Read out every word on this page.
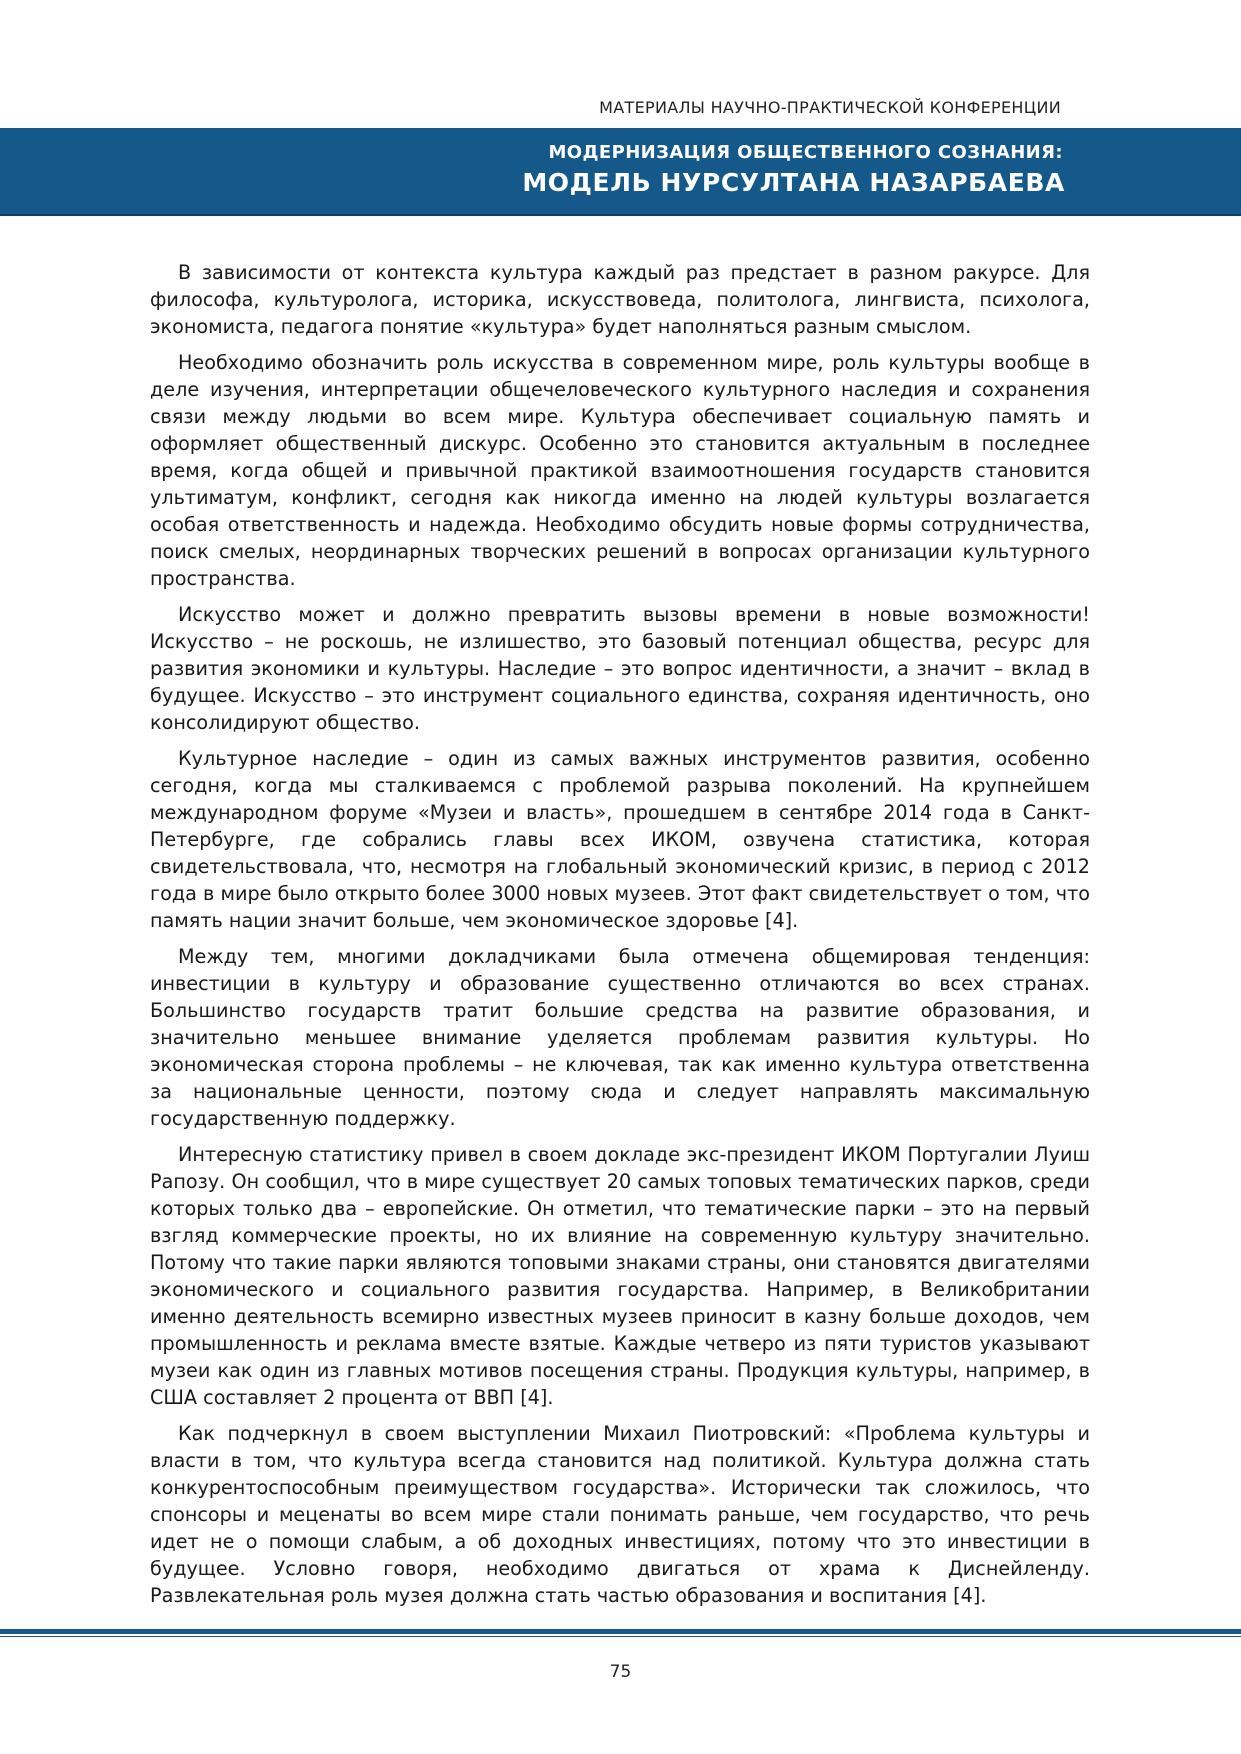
МАТЕРИАЛЫ НАУЧНО-ПРАКТИЧЕСКОЙ КОНФЕРЕНЦИИ
МОДЕРНИЗАЦИЯ ОБЩЕСТВЕННОГО СОЗНАНИЯ:
МОДЕЛЬ НУРСУЛТАНА НАЗАРБАЕВА

В зависимости от контекста культура каждый раз предстает в разном ракурсе. Для философа, культуролога, историка, искусствоведа, политолога, лингвиста, психолога, экономиста, педагога понятие «культура» будет наполняться разным смыслом.

Необходимо обозначить роль искусства в современном мире, роль культуры вообще в деле изучения, интерпретации общечеловеческого культурного наследия и сохранения связи между людьми во всем мире. Культура обеспечивает социальную память и оформляет общественный дискурс. Особенно это становится актуальным в последнее время, когда общей и привычной практикой взаимоотношения государств становится ультиматум, конфликт, сегодня как никогда именно на людей культуры возлагается особая ответственность и надежда. Необходимо обсудить новые формы сотрудничества, поиск смелых, неординарных творческих решений в вопросах организации культурного пространства.

Искусство может и должно превратить вызовы времени в новые возможности! Искусство – не роскошь, не излишество, это базовый потенциал общества, ресурс для развития экономики и культуры. Наследие – это вопрос идентичности, а значит – вклад в будущее. Искусство – это инструмент социального единства, сохраняя идентичность, оно консолидируют общество.

Культурное наследие – один из самых важных инструментов развития, особенно сегодня, когда мы сталкиваемся с проблемой разрыва поколений. На крупнейшем международном форуме «Музеи и власть», прошедшем в сентябре 2014 года в Санкт-Петербурге, где собрались главы всех ИКОМ, озвучена статистика, которая свидетельствовала, что, несмотря на глобальный экономический кризис, в период с 2012 года в мире было открыто более 3000 новых музеев. Этот факт свидетельствует о том, что память нации значит больше, чем экономическое здоровье [4].

Между тем, многими докладчиками была отмечена общемировая тенденция: инвестиции в культуру и образование существенно отличаются во всех странах. Большинство государств тратит большие средства на развитие образования, и значительно меньшее внимание уделяется проблемам развития культуры. Но экономическая сторона проблемы – не ключевая, так как именно культура ответственна за национальные ценности, поэтому сюда и следует направлять максимальную государственную поддержку.

Интересную статистику привел в своем докладе экс-президент ИКОМ Португалии Луиш Рапозу. Он сообщил, что в мире существует 20 самых топовых тематических парков, среди которых только два – европейские. Он отметил, что тематические парки – это на первый взгляд коммерческие проекты, но их влияние на современную культуру значительно. Потому что такие парки являются топовыми знаками страны, они становятся двигателями экономического и социального развития государства. Например, в Великобритании именно деятельность всемирно известных музеев приносит в казну больше доходов, чем промышленность и реклама вместе взятые. Каждые четверо из пяти туристов указывают музеи как один из главных мотивов посещения страны. Продукция культуры, например, в США составляет 2 процента от ВВП [4].

Как подчеркнул в своем выступлении Михаил Пиотровский: «Проблема культуры и власти в том, что культура всегда становится над политикой. Культура должна стать конкурентоспособным преимуществом государства». Исторически так сложилось, что спонсоры и меценаты во всем мире стали понимать раньше, чем государство, что речь идет не о помощи слабым, а об доходных инвестициях, потому что это инвестиции в будущее. Условно говоря, необходимо двигаться от храма к Диснейленду. Развлекательная роль музея должна стать частью образования и воспитания [4].

75
